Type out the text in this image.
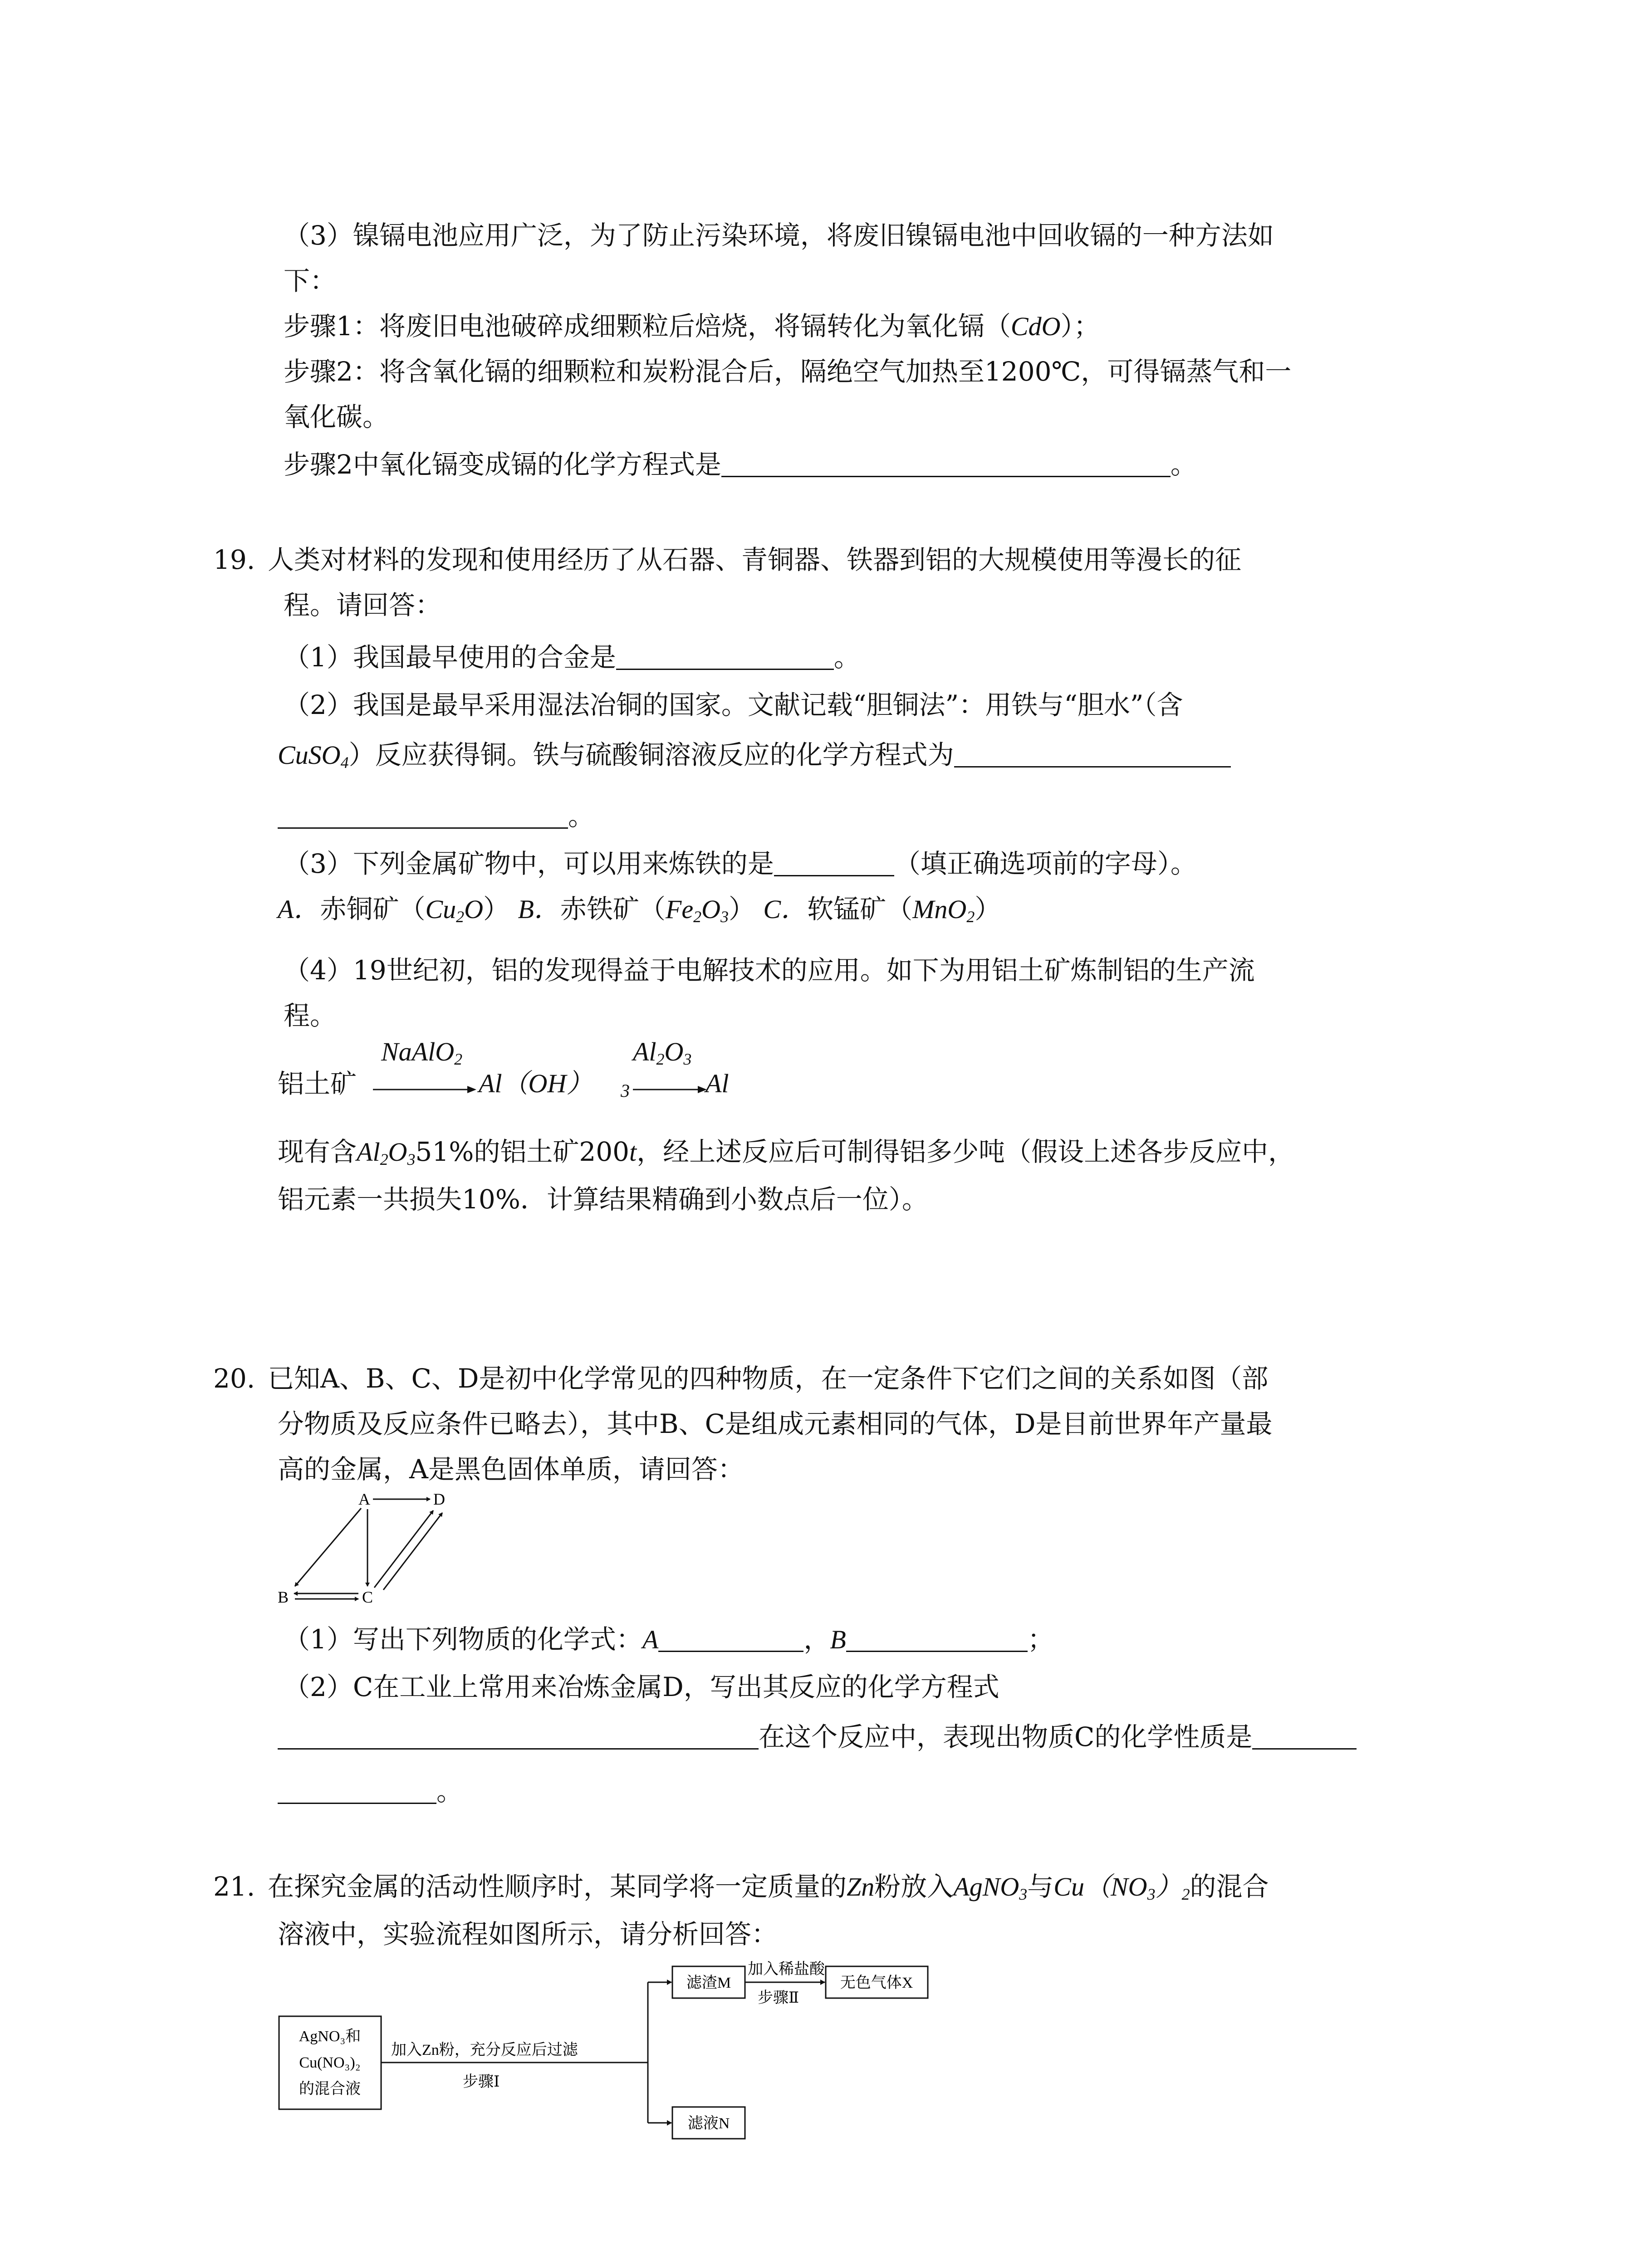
（3）镍镉电池应用广泛，为了防止污染环境，将废旧镍镉电池中回收镉的一种方法如
下：
步骤1：将废旧电池破碎成细颗粒后焙烧，将镉转化为氧化镉（CdO）；
步骤2：将含氧化镉的细颗粒和炭粉混合后，隔绝空气加热至1200℃，可得镉蒸气和一
氧化碳。
步骤2中氧化镉变成镉的化学方程式是	。
19. 人类对材料的发现和使用经历了从石器、青铜器、铁器到铝的大规模使用等漫长的征
程。请回答：
（1）我国最早使用的合金是	。
（2）我国是最早采用湿法冶铜的国家。文献记载“胆铜法”：用铁与“胆水”（含
CuSO$_4$）反应获得铜。铁与硫酸铜溶液反应的化学方程式为
。
（3）下列金属矿物中，可以用来炼铁的是	（填正确选项前的字母）。
A．赤铜矿$(Cu_2O)$ B．赤铁矿$(Fe_2O_3)$ C．软锰矿（MnO$_2$）
（4）19世纪初，铝的发现得益于电解技术的应用。如下为用铝土矿炼制铝的生产流
程。
铝土矿
NaAlO$_2$
Al（OH） 3
$Al_2O_3$
Al
现有含$Al_2O_351\%$的铝土矿200t，经上述反应后可制得铝多少吨（假设上述各步反应中，
铝元素一共损失10%．计算结果精确到小数点后一位）。
20. 已知A、B、C、D是初中化学常见的四种物质，在一定条件下它们之间的关系如图（部
分物质及反应条件已略去），其中B、C是组成元素相同的气体，D是目前世界年产量最
高的金属，A是黑色固体单质，请回答：
A	D
B	C
（1）写出下列物质的化学式：A	，B	；
（2）C在工业上常用来冶炼金属D，写出其反应的化学方程式
在这个反应中，表现出物质C的化学性质是
。
21. 在探究金属的活动性顺序时，某同学将一定质量的Zn粉放入AgNO$_3$与$Cu(NO_3)_2$的混合
溶液中，实验流程如图所示，请分析回答：
AgNO₃和
Cu(NO₃)₂
的混合液
加入Zn粉，充分反应后过滤
步骤Ⅰ
滤渣M
滤液N
加入稀盐酸
步骤Ⅱ
无色气体X
